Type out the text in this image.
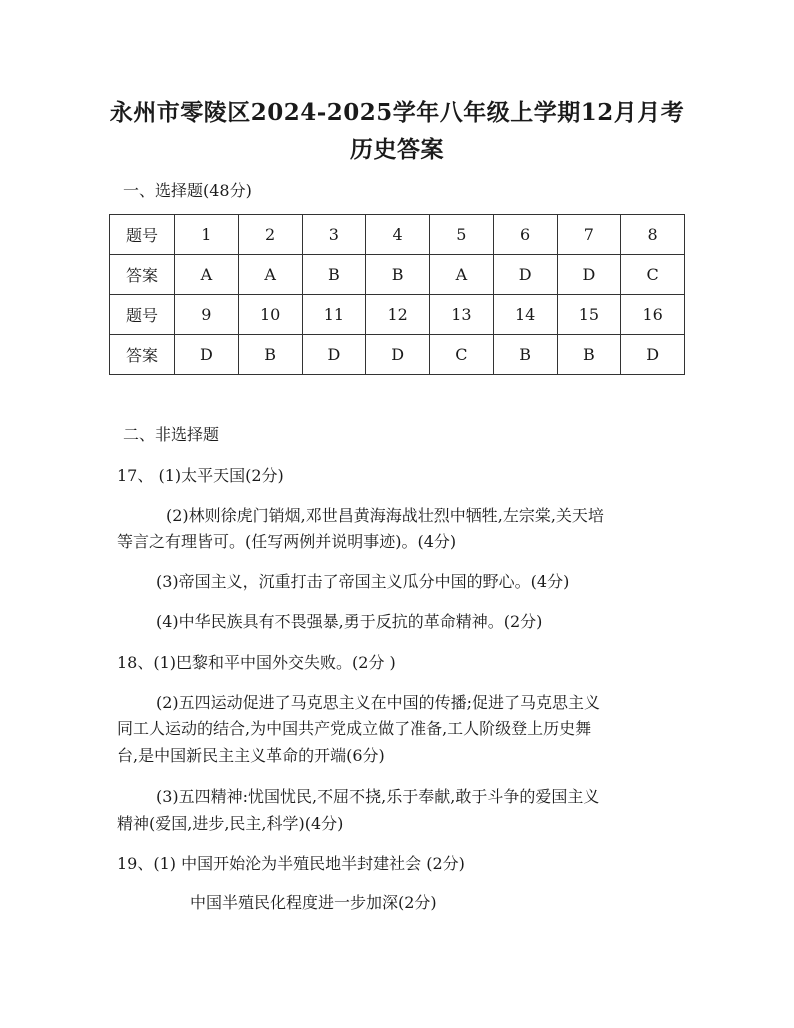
永州市零陵区2024-2025学年八年级上学期12月月考
历史答案
一、选择题(48分)
题号	1	2	3	4	5	6	7	8
答案	A	A	B	B	A	D	D	C
题号	9	10	11	12	13	14	15	16
答案	D	B	D	D	C	B	B	D
二、非选择题
17、 (1)太平天国(2分)
(2)林则徐虎门销烟,邓世昌黄海海战壮烈中牺牲,左宗棠,关天培
等言之有理皆可。(任写两例并说明事迹)。(4分)
(3)帝国主义，沉重打击了帝国主义瓜分中国的野心。(4分)
(4)中华民族具有不畏强暴,勇于反抗的革命精神。(2分)
18、(1)巴黎和平中国外交失败。(2分 )
(2)五四运动促进了马克思主义在中国的传播;促进了马克思主义
同工人运动的结合,为中国共产党成立做了准备,工人阶级登上历史舞
台,是中国新民主主义革命的开端(6分)
(3)五四精神:忧国忧民,不屈不挠,乐于奉献,敢于斗争的爱国主义
精神(爱国,进步,民主,科学)(4分)
19、(1) 中国开始沦为半殖民地半封建社会 (2分)
中国半殖民化程度进一步加深(2分)
